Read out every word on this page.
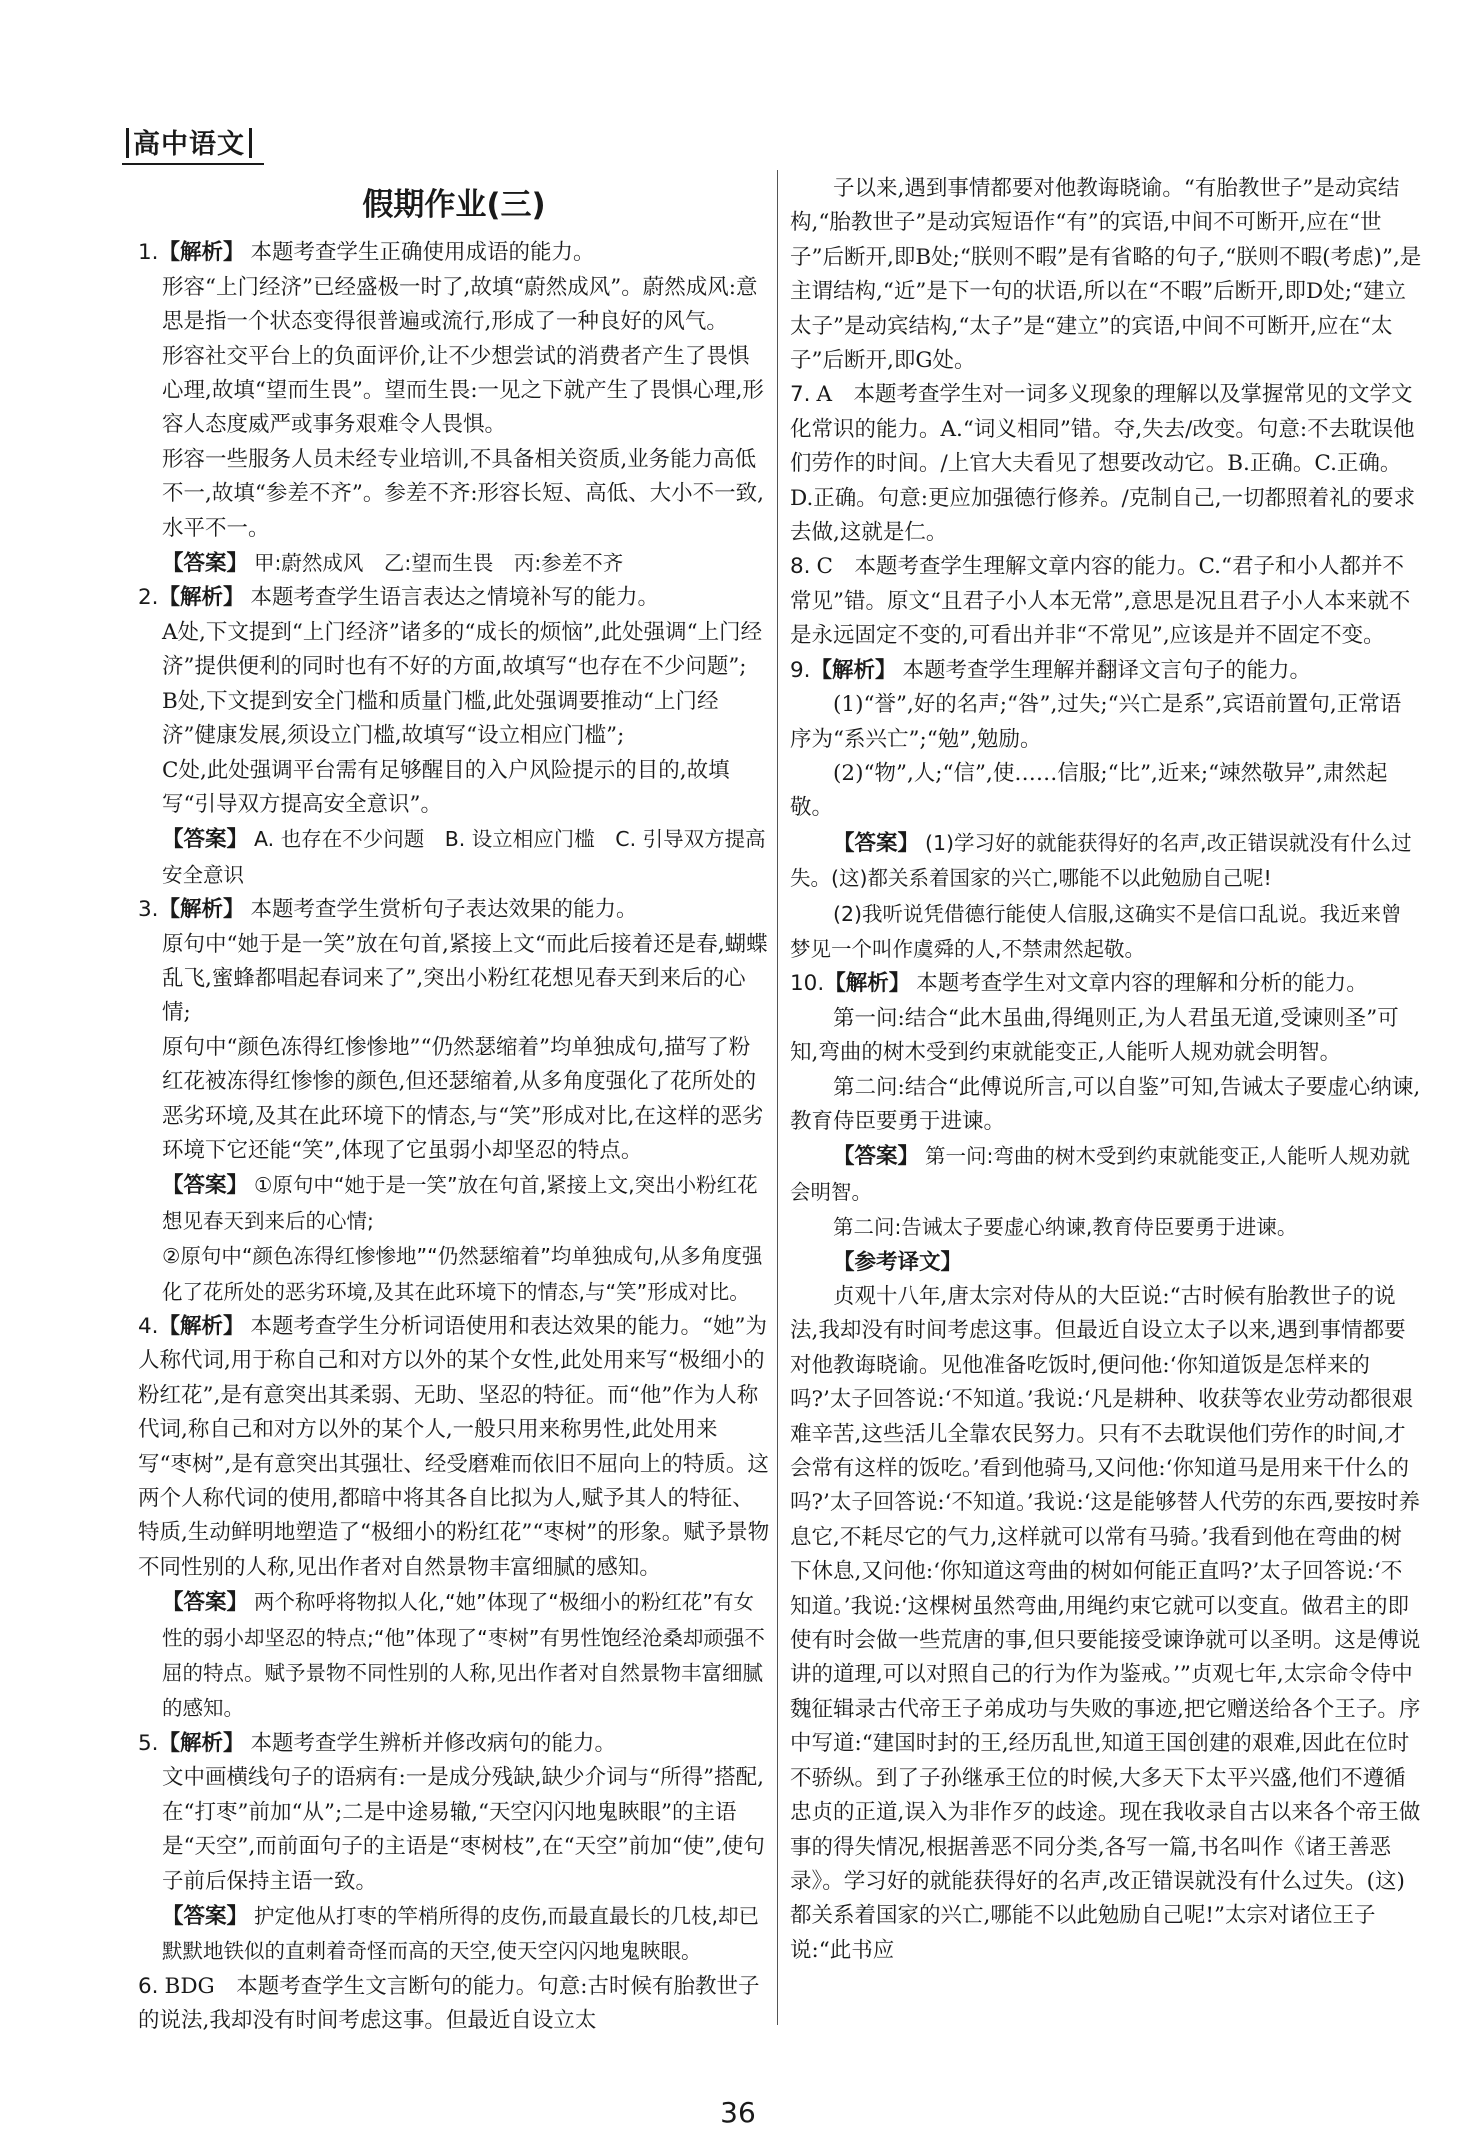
高中语文
假期作业(三)
1.【解析】 本题考查学生正确使用成语的能力。
形容“上门经济”已经盛极一时了,故填“蔚然成风”。蔚然成风:意思是指一个状态变得很普遍或流行,形成了一种良好的风气。
形容社交平台上的负面评价,让不少想尝试的消费者产生了畏惧心理,故填“望而生畏”。望而生畏:一见之下就产生了畏惧心理,形容人态度威严或事务艰难令人畏惧。
形容一些服务人员未经专业培训,不具备相关资质,业务能力高低不一,故填“参差不齐”。参差不齐:形容长短、高低、大小不一致,水平不一。
【答案】 甲:蔚然成风　乙:望而生畏　丙:参差不齐
2.【解析】 本题考查学生语言表达之情境补写的能力。
A处,下文提到“上门经济”诸多的“成长的烦恼”,此处强调“上门经济”提供便利的同时也有不好的方面,故填写“也存在不少问题”;
B处,下文提到安全门槛和质量门槛,此处强调要推动“上门经济”健康发展,须设立门槛,故填写“设立相应门槛”;
C处,此处强调平台需有足够醒目的入户风险提示的目的,故填写“引导双方提高安全意识”。
【答案】 A. 也存在不少问题　B. 设立相应门槛　C. 引导双方提高安全意识
3.【解析】 本题考查学生赏析句子表达效果的能力。
原句中“她于是一笑”放在句首,紧接上文“而此后接着还是春,蝴蝶乱飞,蜜蜂都唱起春词来了”,突出小粉红花想见春天到来后的心情;
原句中“颜色冻得红惨惨地”“仍然瑟缩着”均单独成句,描写了粉红花被冻得红惨惨的颜色,但还瑟缩着,从多角度强化了花所处的恶劣环境,及其在此环境下的情态,与“笑”形成对比,在这样的恶劣环境下它还能“笑”,体现了它虽弱小却坚忍的特点。
【答案】 ①原句中“她于是一笑”放在句首,紧接上文,突出小粉红花想见春天到来后的心情;
②原句中“颜色冻得红惨惨地”“仍然瑟缩着”均单独成句,从多角度强化了花所处的恶劣环境,及其在此环境下的情态,与“笑”形成对比。
4.【解析】 本题考查学生分析词语使用和表达效果的能力。“她”为人称代词,用于称自己和对方以外的某个女性,此处用来写“极细小的粉红花”,是有意突出其柔弱、无助、坚忍的特征。而“他”作为人称代词,称自己和对方以外的某个人,一般只用来称男性,此处用来写“枣树”,是有意突出其强壮、经受磨难而依旧不屈向上的特质。这两个人称代词的使用,都暗中将其各自比拟为人,赋予其人的特征、特质,生动鲜明地塑造了“极细小的粉红花”“枣树”的形象。赋予景物不同性别的人称,见出作者对自然景物丰富细腻的感知。
【答案】 两个称呼将物拟人化,“她”体现了“极细小的粉红花”有女性的弱小却坚忍的特点;“他”体现了“枣树”有男性饱经沧桑却顽强不屈的特点。赋予景物不同性别的人称,见出作者对自然景物丰富细腻的感知。
5.【解析】 本题考查学生辨析并修改病句的能力。
文中画横线句子的语病有:一是成分残缺,缺少介词与“所得”搭配,在“打枣”前加“从”;二是中途易辙,“天空闪闪地鬼䀹眼”的主语是“天空”,而前面句子的主语是“枣树枝”,在“天空”前加“使”,使句子前后保持主语一致。
【答案】 护定他从打枣的竿梢所得的皮伤,而最直最长的几枝,却已默默地铁似的直刺着奇怪而高的天空,使天空闪闪地鬼䀹眼。
6. BDG　本题考查学生文言断句的能力。句意:古时候有胎教世子的说法,我却没有时间考虑这事。但最近自设立太
子以来,遇到事情都要对他教诲晓谕。“有胎教世子”是动宾结构,“胎教世子”是动宾短语作“有”的宾语,中间不可断开,应在“世子”后断开,即B处;“朕则不暇”是有省略的句子,“朕则不暇(考虑)”,是主谓结构,“近”是下一句的状语,所以在“不暇”后断开,即D处;“建立太子”是动宾结构,“太子”是“建立”的宾语,中间不可断开,应在“太子”后断开,即G处。
7. A　本题考查学生对一词多义现象的理解以及掌握常见的文学文化常识的能力。A.“词义相同”错。夺,失去/改变。句意:不去耽误他们劳作的时间。/上官大夫看见了想要改动它。B.正确。C.正确。D.正确。句意:更应加强德行修养。/克制自己,一切都照着礼的要求去做,这就是仁。
8. C　本题考查学生理解文章内容的能力。C.“君子和小人都并不常见”错。原文“且君子小人本无常”,意思是况且君子小人本来就不是永远固定不变的,可看出并非“不常见”,应该是并不固定不变。
9.【解析】 本题考查学生理解并翻译文言句子的能力。
(1)“誉”,好的名声;“咎”,过失;“兴亡是系”,宾语前置句,正常语序为“系兴亡”;“勉”,勉励。
(2)“物”,人;“信”,使……信服;“比”,近来;“竦然敬异”,肃然起敬。
【答案】 (1)学习好的就能获得好的名声,改正错误就没有什么过失。(这)都关系着国家的兴亡,哪能不以此勉励自己呢!
(2)我听说凭借德行能使人信服,这确实不是信口乱说。我近来曾梦见一个叫作虞舜的人,不禁肃然起敬。
10.【解析】 本题考查学生对文章内容的理解和分析的能力。
第一问:结合“此木虽曲,得绳则正,为人君虽无道,受谏则圣”可知,弯曲的树木受到约束就能变正,人能听人规劝就会明智。
第二问:结合“此傅说所言,可以自鉴”可知,告诫太子要虚心纳谏,教育侍臣要勇于进谏。
【答案】 第一问:弯曲的树木受到约束就能变正,人能听人规劝就会明智。
第二问:告诫太子要虚心纳谏,教育侍臣要勇于进谏。
【参考译文】
贞观十八年,唐太宗对侍从的大臣说:“古时候有胎教世子的说法,我却没有时间考虑这事。但最近自设立太子以来,遇到事情都要对他教诲晓谕。见他准备吃饭时,便问他:‘你知道饭是怎样来的吗?’太子回答说:‘不知道。’我说:‘凡是耕种、收获等农业劳动都很艰难辛苦,这些活儿全靠农民努力。只有不去耽误他们劳作的时间,才会常有这样的饭吃。’看到他骑马,又问他:‘你知道马是用来干什么的吗?’太子回答说:‘不知道。’我说:‘这是能够替人代劳的东西,要按时养息它,不耗尽它的气力,这样就可以常有马骑。’我看到他在弯曲的树下休息,又问他:‘你知道这弯曲的树如何能正直吗?’太子回答说:‘不知道。’我说:‘这棵树虽然弯曲,用绳约束它就可以变直。做君主的即使有时会做一些荒唐的事,但只要能接受谏诤就可以圣明。这是傅说讲的道理,可以对照自己的行为作为鉴戒。’”贞观七年,太宗命令侍中魏征辑录古代帝王子弟成功与失败的事迹,把它赠送给各个王子。序中写道:“建国时封的王,经历乱世,知道王国创建的艰难,因此在位时不骄纵。到了子孙继承王位的时候,大多天下太平兴盛,他们不遵循忠贞的正道,误入为非作歹的歧途。现在我收录自古以来各个帝王做事的得失情况,根据善恶不同分类,各写一篇,书名叫作《诸王善恶录》。学习好的就能获得好的名声,改正错误就没有什么过失。(这)都关系着国家的兴亡,哪能不以此勉励自己呢!”太宗对诸位王子说:“此书应
36
